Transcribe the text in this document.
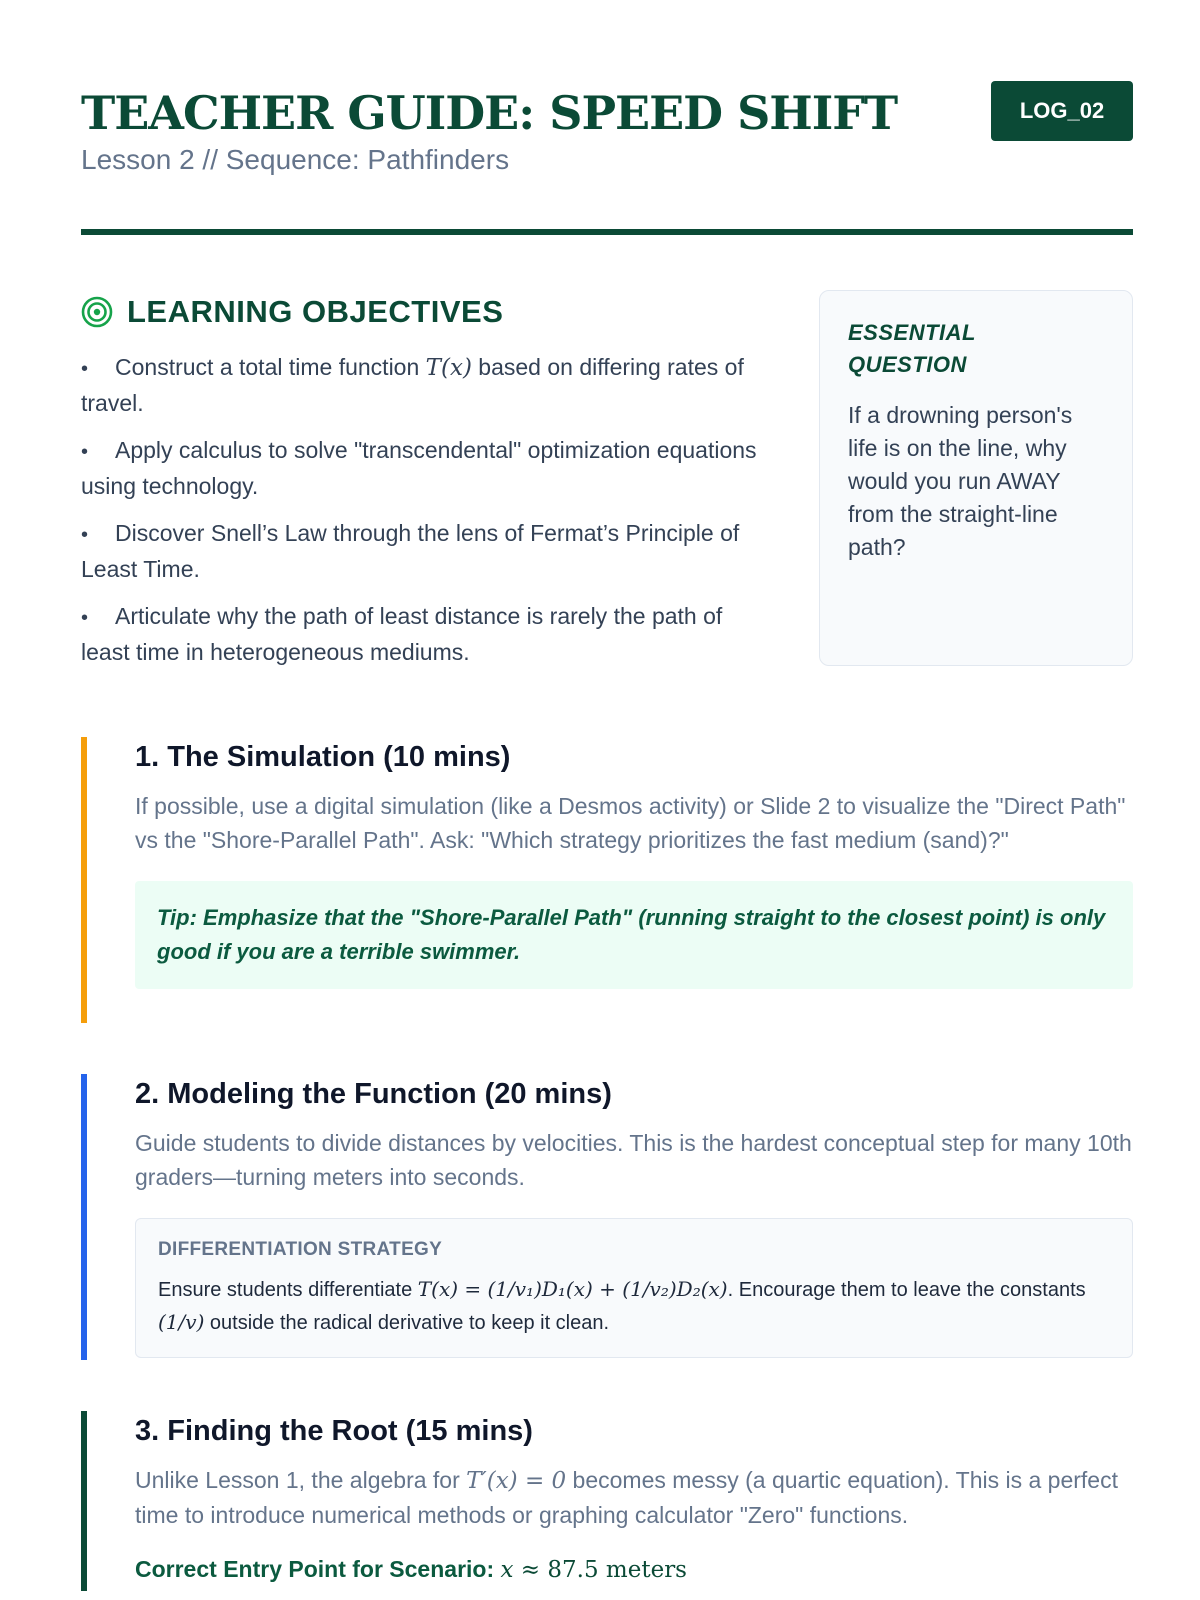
TEACHER GUIDE: SPEED SHIFT
Lesson 2 // Sequence: Pathfinders
LOG_02
LEARNING OBJECTIVES
• Construct a total time function T(x) based on differing rates of travel.
• Apply calculus to solve "transcendental" optimization equations using technology.
• Discover Snell’s Law through the lens of Fermat’s Principle of Least Time.
• Articulate why the path of least distance is rarely the path of least time in heterogeneous mediums.
ESSENTIAL QUESTION
If a drowning person's life is on the line, why would you run AWAY from the straight-line path?
1. The Simulation (10 mins)

If possible, use a digital simulation (like a Desmos activity) or Slide 2 to visualize the "Direct Path" vs the "Shore-Parallel Path". Ask: "Which strategy prioritizes the fast medium (sand)?"

Tip: Emphasize that the "Shore-Parallel Path" (running straight to the closest point) is only good if you are a terrible swimmer.
2. Modeling the Function (20 mins)

Guide students to divide distances by velocities. This is the hardest conceptual step for many 10th graders—turning meters into seconds.

DIFFERENTIATION STRATEGY
Ensure students differentiate T(x) = (1/v₁)D₁(x) + (1/v₂)D₂(x). Encourage them to leave the constants (1/v) outside the radical derivative to keep it clean.
3. Finding the Root (15 mins)

Unlike Lesson 1, the algebra for T′(x) = 0 becomes messy (a quartic equation). This is a perfect time to introduce numerical methods or graphing calculator "Zero" functions.

Correct Entry Point for Scenario: x ≈ 87.5 meters
